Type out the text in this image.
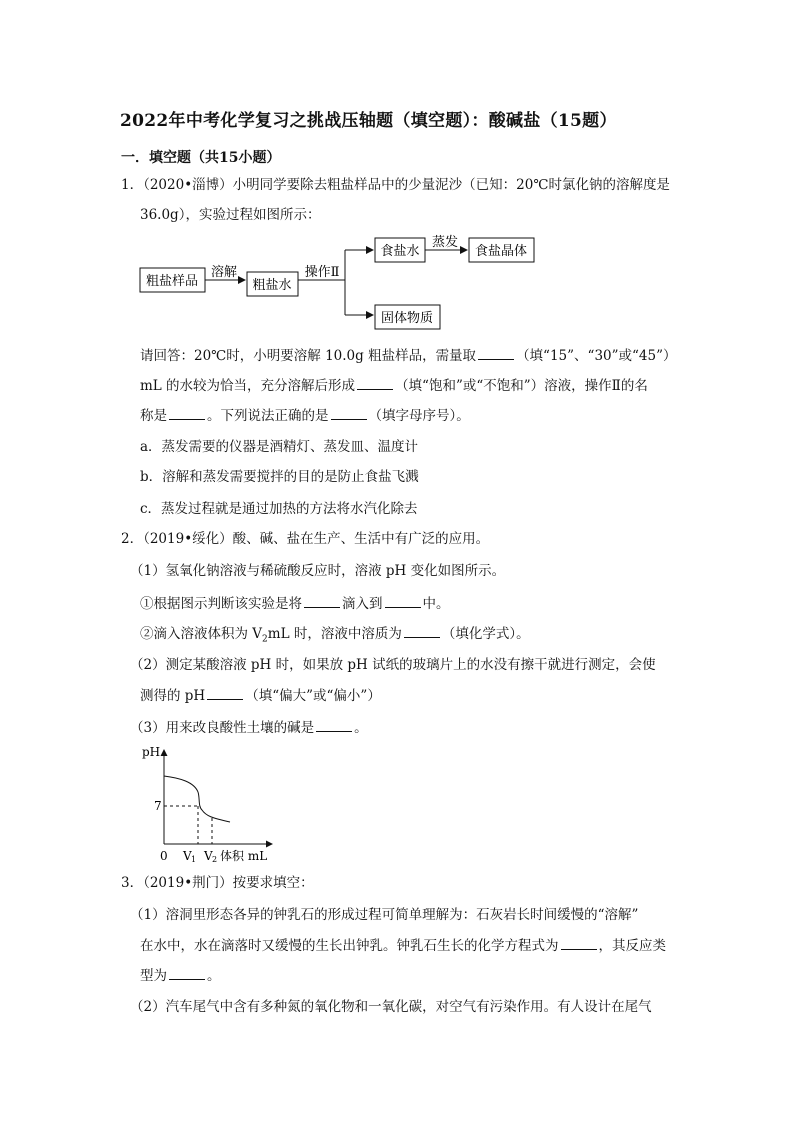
2022年中考化学复习之挑战压轴题（填空题）：酸碱盐（15题）
一．填空题（共15小题）
1．（2020•淄博）小明同学要除去粗盐样品中的少量泥沙（已知：20℃时氯化钠的溶解度是
36.0g），实验过程如图所示：
粗盐样品
溶解
粗盐水
操作Ⅱ
食盐水
蒸发
食盐晶体
固体物质
请回答：20℃时，小明要溶解 10.0g 粗盐样品，需量取	（填“15”、“30”或“45”）
mL 的水较为恰当，充分溶解后形成	（填“饱和”或“不饱和”）溶液，操作Ⅱ的名
称是	。下列说法正确的是	（填字母序号）。
a．蒸发需要的仪器是酒精灯、蒸发皿、温度计
b．溶解和蒸发需要搅拌的目的是防止食盐飞溅
c．蒸发过程就是通过加热的方法将水汽化除去
2．（2019•绥化）酸、碱、盐在生产、生活中有广泛的应用。
（1）氢氧化钠溶液与稀硫酸反应时，溶液 pH 变化如图所示。
①根据图示判断该实验是将	滴入到	中。
②滴入溶液体积为 $V_2mL$ 时，溶液中溶质为	（填化学式）。
（2）测定某酸溶液 pH 时，如果放 pH 试纸的玻璃片上的水没有擦干就进行测定，会使
测得的 pH	（填“偏大”或“偏小”）
（3）用来改良酸性土壤的碱是	。
pH
7
0 V 1 V 2 体积 mL
3．（2019•荆门）按要求填空：
（1）溶洞里形态各异的钟乳石的形成过程可简单理解为：石灰岩长时间缓慢的“溶解”
在水中，水在滴落时又缓慢的生长出钟乳。钟乳石生长的化学方程式为	，其反应类
型为	。
（2）汽车尾气中含有多种氮的氧化物和一氧化碳，对空气有污染作用。有人设计在尾气
